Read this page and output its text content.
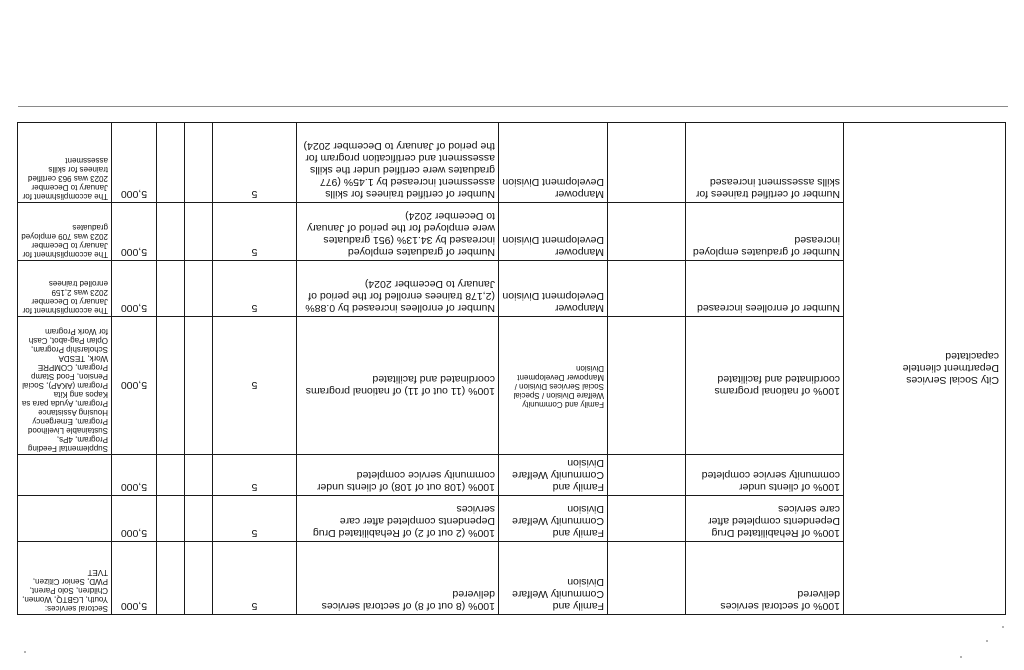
City Social Services Department clientele capacitated	100% of sectoral services delivered		Family and Community Welfare Division	100% (8 out of 8) of sectoral services delivered	5			5,000	Sectoral services: Youth, LGBTQ, Women, Children, Solo Parent, PWD, Senior Citizen, TVET
	100% of Rehabilitated Drug Dependents completed after care services		Family and Community Welfare Division	100% (2 out of 2) of Rehabilitated Drug Dependents completed after care services	5			5,000	
	100% of clients under community service completed		Family and Community Welfare Division	100% (108 out of 108) of clients under community service completed	5			5,000	
	100% of national programs coordinated and facilitated		Family and Community Welfare Division / Special Social Services Division / Manpower Development Division	100% (11 out of 11) of national programs coordinated and facilitated	5			5,000	Supplemental Feeding Program, 4Ps, Sustainable Livelihood Program, Emergency Housing Assistance Program, Ayuda para sa Kapos ang Kita Program (AKAP), Social Pension, Food Stamp Program, COMPRE Work, TESDA Scholarship Program, Oplan Pag-abot, Cash for Work Program
	Number of enrollees increased		Manpower Development Division	Number of enrollees increased by 0.88% (2,178 trainees enrolled for the period of January to December 2024)	5			5,000	The accomplishment for January to December 2023 was 2,159 enrolled trainees
	Number of graduates employed increased		Manpower Development Division	Number of graduates employed increased by 34.13% (951 graduates were employed for the period of January to December 2024)	5			5,000	The accomplishment for January to December 2023 was 709 employed graduates
	Number of certified trainees for skills assessment increased		Manpower Development Division	Number of certified trainees for skills assessment increased by 1.45% (977 graduates were certified under the skills assessment and certification program for the period of January to December 2024)	5			5,000	The accomplishment for January to December 2023 was 963 certified trainees for skills assessment
